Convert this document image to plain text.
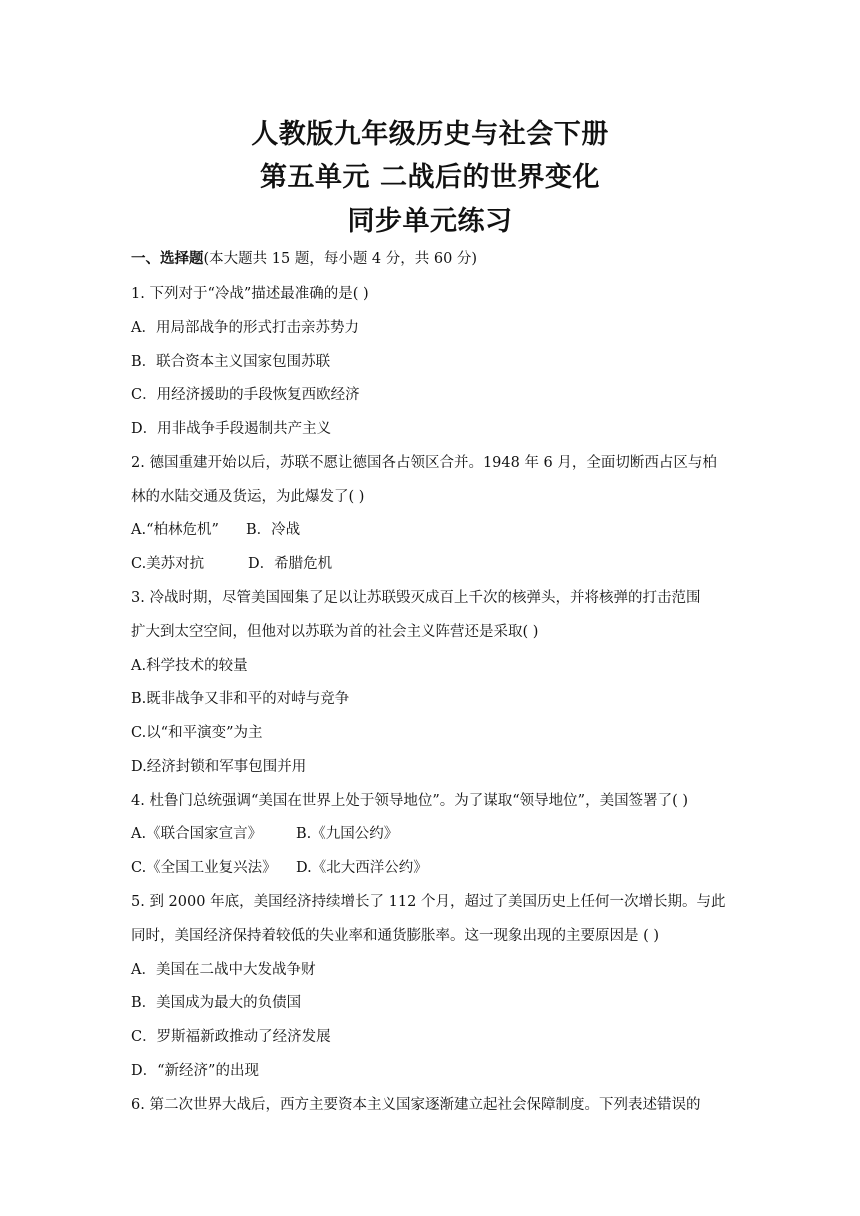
人教版九年级历史与社会下册
第五单元 二战后的世界变化
同步单元练习
一、选择题(本大题共 15 题，每小题 4 分，共 60 分)
1. 下列对于“冷战”描述最准确的是( )
A．用局部战争的形式打击亲苏势力
B．联合资本主义国家包围苏联
C．用经济援助的手段恢复西欧经济
D．用非战争手段遏制共产主义
2. 德国重建开始以后，苏联不愿让德国各占领区合并。1948 年 6 月，全面切断西占区与柏
林的水陆交通及货运，为此爆发了( )
A.“柏林危机” B．冷战
C.美苏对抗	D．希腊危机
3. 冷战时期，尽管美国囤集了足以让苏联毁灭成百上千次的核弹头，并将核弹的打击范围
扩大到太空空间，但他对以苏联为首的社会主义阵营还是采取( )
A.科学技术的较量
B.既非战争又非和平的对峙与竞争
C.以“和平演变”为主
D.经济封锁和军事包围并用
4. 杜鲁门总统强调“美国在世界上处于领导地位”。为了谋取“领导地位”，美国签署了( )
A.《联合国家宣言》 B.《九国公约》
C.《全国工业复兴法》 D.《北大西洋公约》
5. 到 2000 年底，美国经济持续增长了 112 个月，超过了美国历史上任何一次增长期。与此
同时，美国经济保持着较低的失业率和通货膨胀率。这一现象出现的主要原因是 ( )
A．美国在二战中大发战争财
B．美国成为最大的负债国
C．罗斯福新政推动了经济发展
D．“新经济”的出现
6. 第二次世界大战后，西方主要资本主义国家逐渐建立起社会保障制度。下列表述错误的
